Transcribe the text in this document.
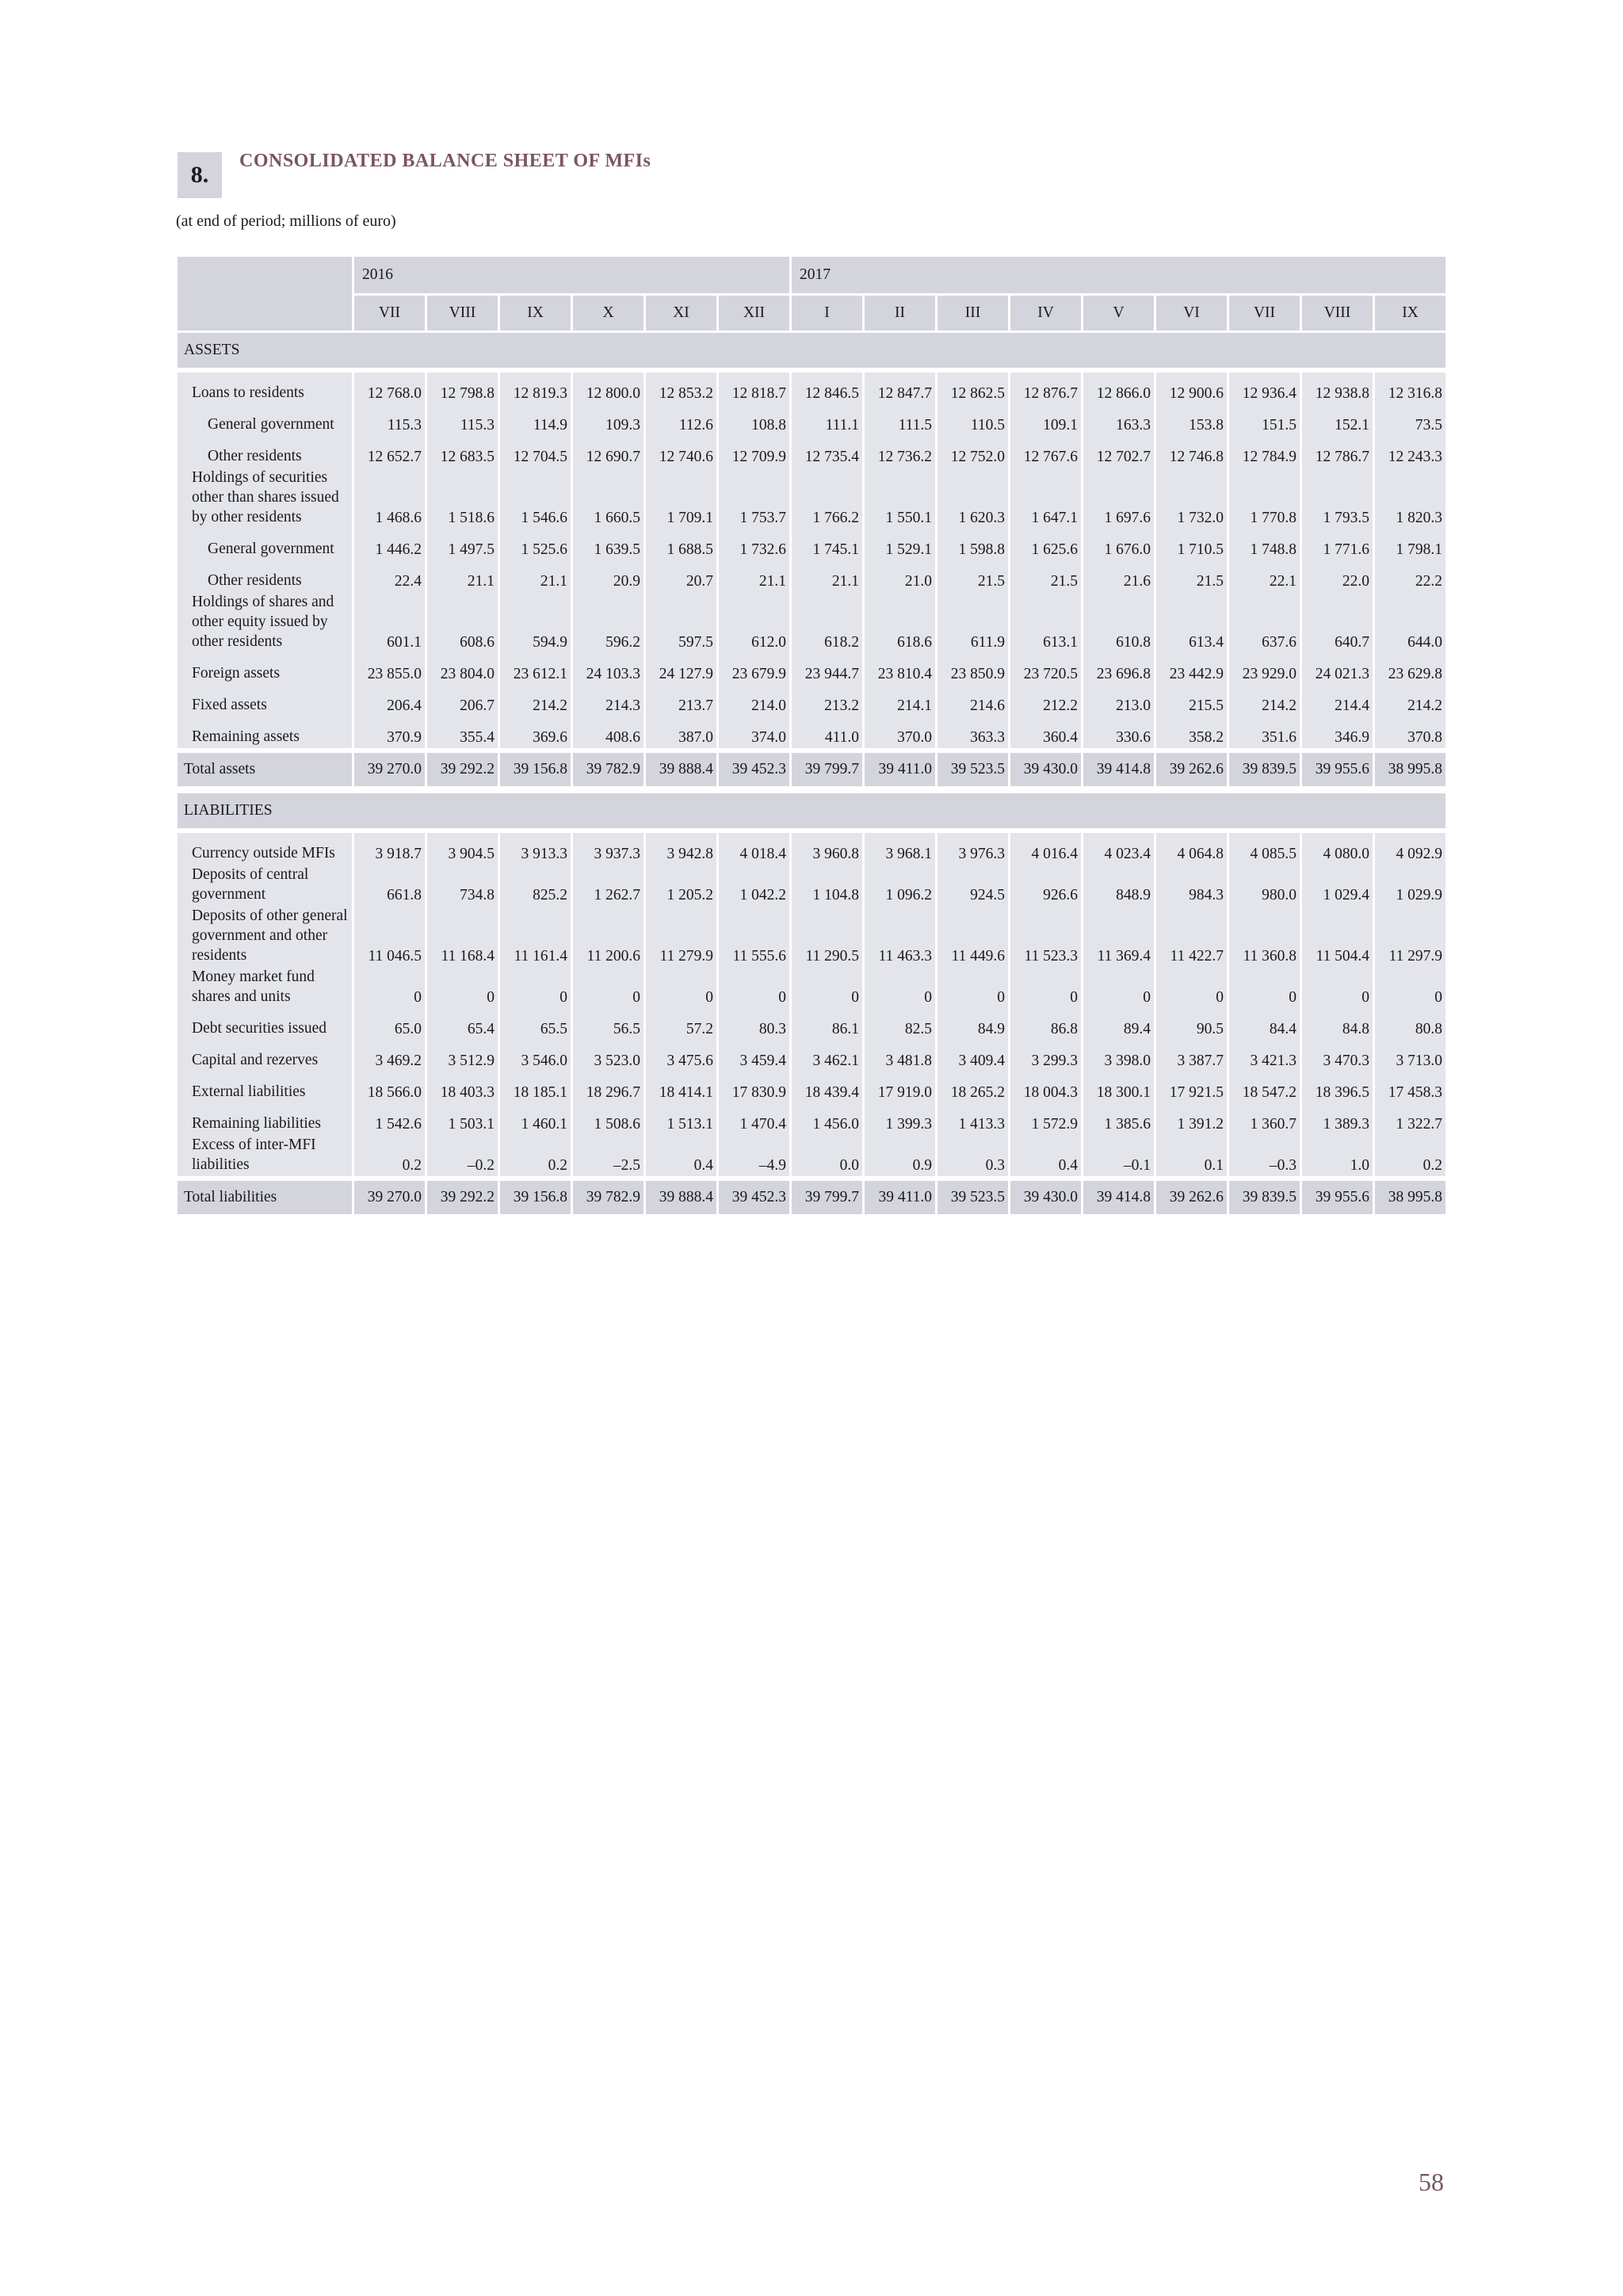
8.
CONSOLIDATED BALANCE SHEET OF MFIs
(at end of period; millions of euro)
	2016						2017								
	VII	VIII	IX	X	XI	XII	I	II	III	IV	V	VI	VII	VIII	IX
ASSETS															

Loans to residents	12 768.0	12 798.8	12 819.3	12 800.0	12 853.2	12 818.7	12 846.5	12 847.7	12 862.5	12 876.7	12 866.0	12 900.6	12 936.4	12 938.8	12 316.8
General government	115.3	115.3	114.9	109.3	112.6	108.8	111.1	111.5	110.5	109.1	163.3	153.8	151.5	152.1	73.5
Other residents	12 652.7	12 683.5	12 704.5	12 690.7	12 740.6	12 709.9	12 735.4	12 736.2	12 752.0	12 767.6	12 702.7	12 746.8	12 784.9	12 786.7	12 243.3
Holdings of securities other than shares issued by other residents	1 468.6	1 518.6	1 546.6	1 660.5	1 709.1	1 753.7	1 766.2	1 550.1	1 620.3	1 647.1	1 697.6	1 732.0	1 770.8	1 793.5	1 820.3
General government	1 446.2	1 497.5	1 525.6	1 639.5	1 688.5	1 732.6	1 745.1	1 529.1	1 598.8	1 625.6	1 676.0	1 710.5	1 748.8	1 771.6	1 798.1
Other residents	22.4	21.1	21.1	20.9	20.7	21.1	21.1	21.0	21.5	21.5	21.6	21.5	22.1	22.0	22.2
Holdings of shares and other equity issued by other residents	601.1	608.6	594.9	596.2	597.5	612.0	618.2	618.6	611.9	613.1	610.8	613.4	637.6	640.7	644.0
Foreign assets	23 855.0	23 804.0	23 612.1	24 103.3	24 127.9	23 679.9	23 944.7	23 810.4	23 850.9	23 720.5	23 696.8	23 442.9	23 929.0	24 021.3	23 629.8
Fixed assets	206.4	206.7	214.2	214.3	213.7	214.0	213.2	214.1	214.6	212.2	213.0	215.5	214.2	214.4	214.2
Remaining assets	370.9	355.4	369.6	408.6	387.0	374.0	411.0	370.0	363.3	360.4	330.6	358.2	351.6	346.9	370.8

Total assets	39 270.0	39 292.2	39 156.8	39 782.9	39 888.4	39 452.3	39 799.7	39 411.0	39 523.5	39 430.0	39 414.8	39 262.6	39 839.5	39 955.6	38 995.8

LIABILITIES															

Currency outside MFIs	3 918.7	3 904.5	3 913.3	3 937.3	3 942.8	4 018.4	3 960.8	3 968.1	3 976.3	4 016.4	4 023.4	4 064.8	4 085.5	4 080.0	4 092.9
Deposits of central government	661.8	734.8	825.2	1 262.7	1 205.2	1 042.2	1 104.8	1 096.2	924.5	926.6	848.9	984.3	980.0	1 029.4	1 029.9
Deposits of other general government and other residents	11 046.5	11 168.4	11 161.4	11 200.6	11 279.9	11 555.6	11 290.5	11 463.3	11 449.6	11 523.3	11 369.4	11 422.7	11 360.8	11 504.4	11 297.9
Money market fund shares and units	0	0	0	0	0	0	0	0	0	0	0	0	0	0	0
Debt securities issued	65.0	65.4	65.5	56.5	57.2	80.3	86.1	82.5	84.9	86.8	89.4	90.5	84.4	84.8	80.8
Capital and rezerves	3 469.2	3 512.9	3 546.0	3 523.0	3 475.6	3 459.4	3 462.1	3 481.8	3 409.4	3 299.3	3 398.0	3 387.7	3 421.3	3 470.3	3 713.0
External liabilities	18 566.0	18 403.3	18 185.1	18 296.7	18 414.1	17 830.9	18 439.4	17 919.0	18 265.2	18 004.3	18 300.1	17 921.5	18 547.2	18 396.5	17 458.3
Remaining liabilities	1 542.6	1 503.1	1 460.1	1 508.6	1 513.1	1 470.4	1 456.0	1 399.3	1 413.3	1 572.9	1 385.6	1 391.2	1 360.7	1 389.3	1 322.7
Excess of inter-MFI liabilities	0.2	–0.2	0.2	–2.5	0.4	–4.9	0.0	0.9	0.3	0.4	–0.1	0.1	–0.3	1.0	0.2

Total liabilities	39 270.0	39 292.2	39 156.8	39 782.9	39 888.4	39 452.3	39 799.7	39 411.0	39 523.5	39 430.0	39 414.8	39 262.6	39 839.5	39 955.6	38 995.8
58
